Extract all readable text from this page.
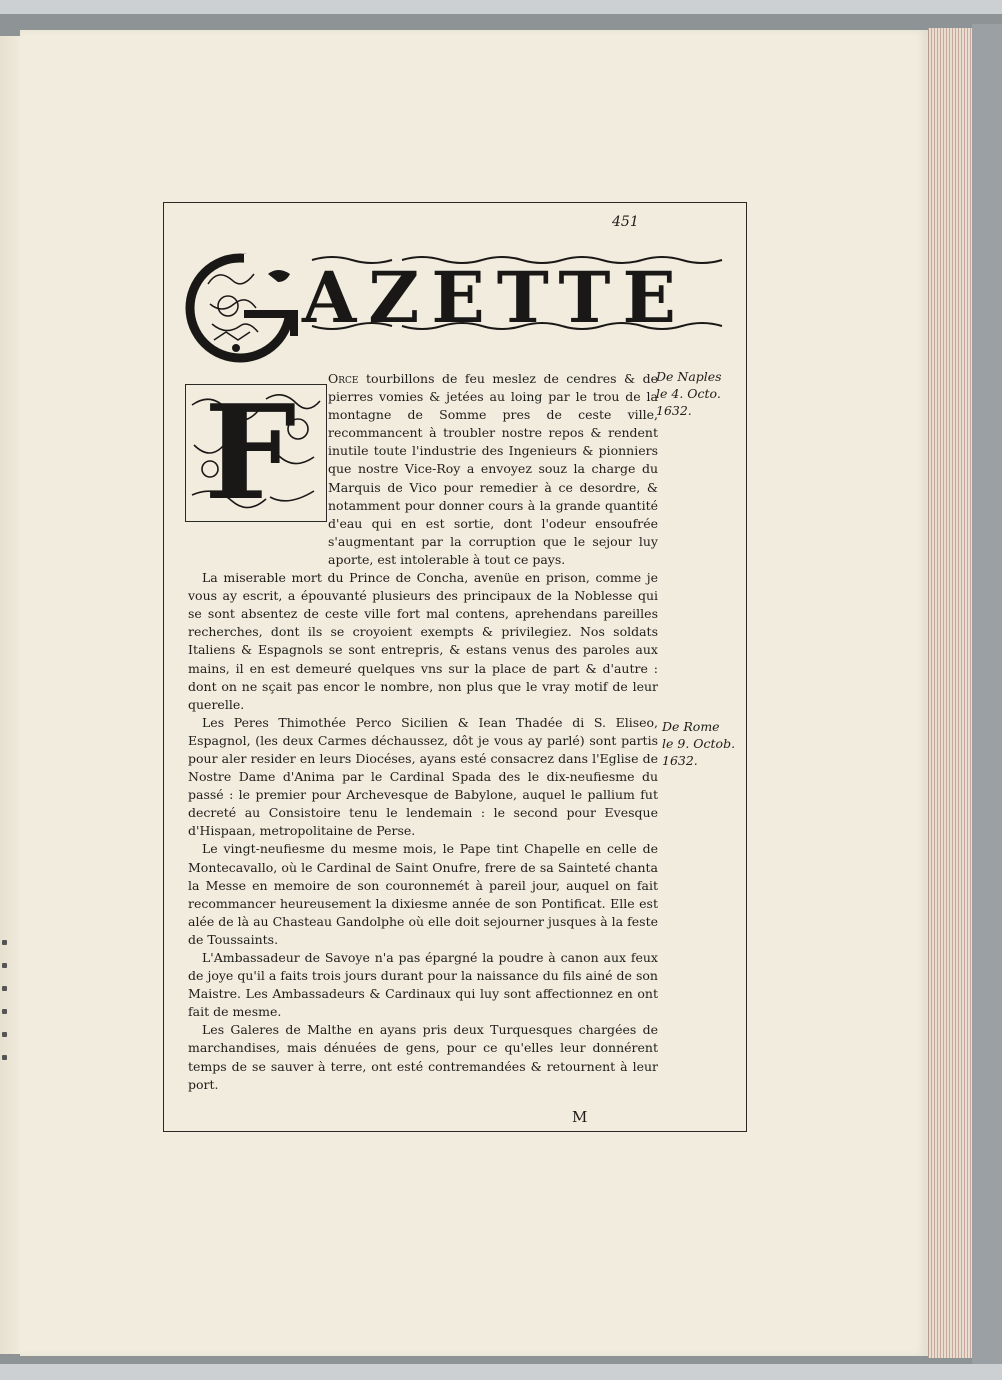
451
AZETTE
F	Orce tourbillons de feu meslez de cendres & de pierres vomies & jetées au loing par le trou de la montagne de Somme pres de ceste ville, recommancent à troubler nostre repos & rendent inutile toute l'industrie des Ingenieurs & pionniers que nostre Vice-Roy a envoyez souz la charge du Marquis de Vico pour remedier à ce desordre, & notamment pour donner cours à la grande quantité d'eau qui en est sortie, dont l'odeur ensoufrée s'augmentant par la corruption que le sejour luy aporte, est intolerable à tout ce pays.

La miserable mort du Prince de Concha, avenüe en prison, comme je vous ay escrit, a épouvanté plusieurs des principaux de la Noblesse qui se sont absentez de ceste ville fort mal contens, aprehendans pareilles recherches, dont ils se croyoient exempts & privilegiez. Nos soldats Italiens & Espagnols se sont entrepris, & estans venus des paroles aux mains, il en est demeuré quelques vns sur la place de part & d'autre : dont on ne sçait pas encor le nombre, non plus que le vray motif de leur querelle.

Les Peres Thimothée Perco Sicilien & Iean Thadée di S. Eliseo, Espagnol, (les deux Carmes déchaussez, dôt je vous ay parlé) sont partis pour aler resider en leurs Diocéses, ayans esté consacrez dans l'Eglise de Nostre Dame d'Anima par le Cardinal Spada des le dix-neufiesme du passé : le premier pour Archevesque de Babylone, auquel le pallium fut decreté au Consistoire tenu le lendemain : le second pour Evesque d'Hispaan, metropolitaine de Perse.

Le vingt-neufiesme du mesme mois, le Pape tint Chapelle en celle de Montecavallo, où le Cardinal de Saint Onufre, frere de sa Sainteté chanta la Messe en memoire de son couronnemét à pareil jour, auquel on fait recommancer heureusement la dixiesme année de son Pontificat. Elle est alée de là au Chasteau Gandolphe où elle doit sejourner jusques à la feste de Toussaints.

L'Ambassadeur de Savoye n'a pas épargné la poudre à canon aux feux de joye qu'il a faits trois jours durant pour la naissance du fils ainé de son Maistre. Les Ambassadeurs & Cardinaux qui luy sont affectionnez en ont fait de mesme.

Les Galeres de Malthe en ayans pris deux Turquesques chargées de marchandises, mais dénuées de gens, pour ce qu'elles leur donnérent temps de se sauver à terre, ont esté contremandées & retournent à leur port.

De Naples
le 4. Octo.
1632.
De Rome
le 9. Octob.
1632.
M
